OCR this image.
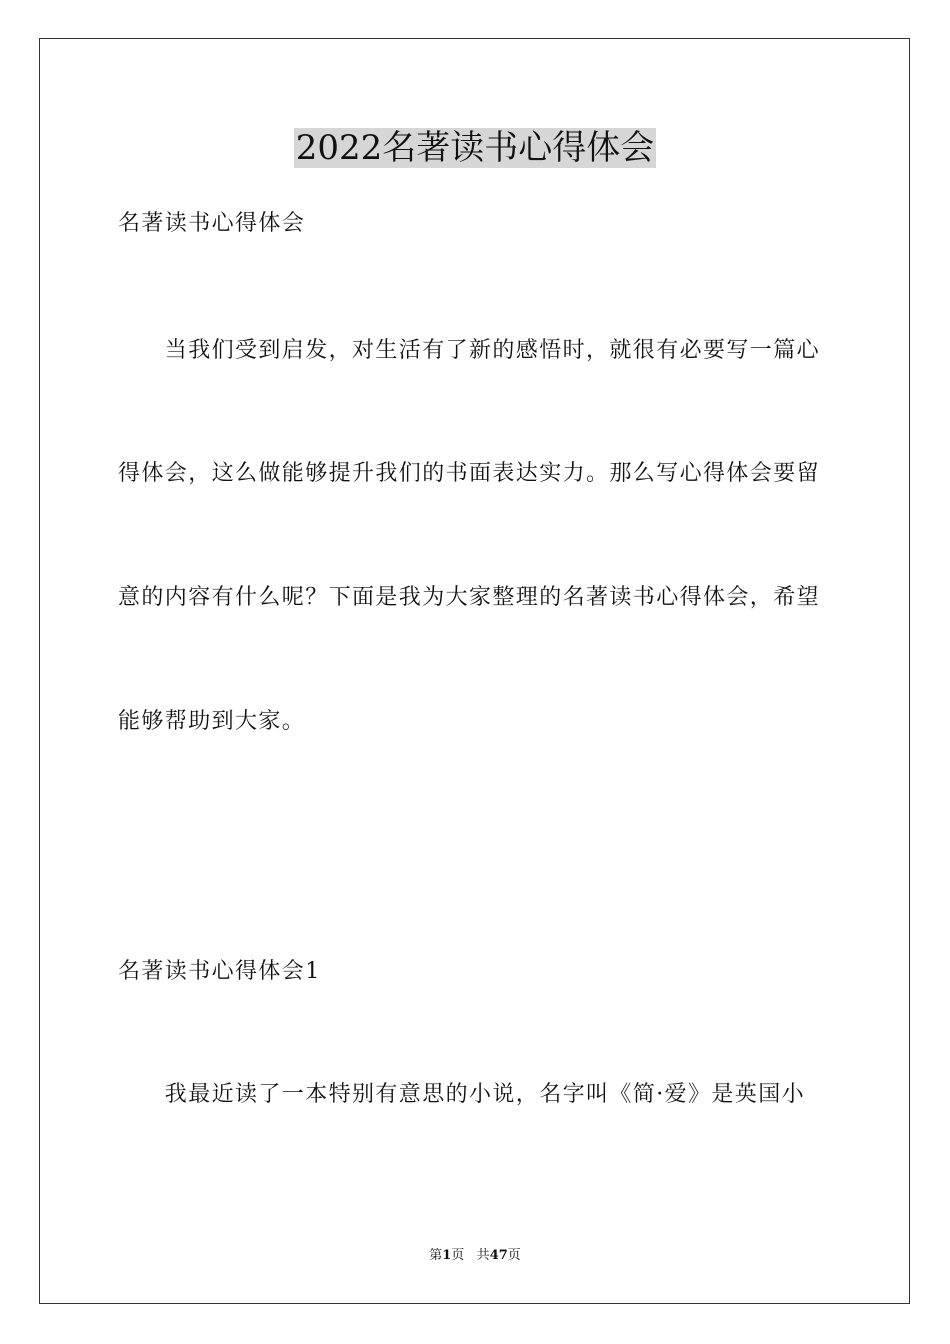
2022名著读书心得体会
名著读书心得体会
　　当我们受到启发，对生活有了新的感悟时，就很有必要写一篇心
得体会，这么做能够提升我们的书面表达实力。那么写心得体会要留
意的内容有什么呢？下面是我为大家整理的名著读书心得体会，希望
能够帮助到大家。
名著读书心得体会1
　　我最近读了一本特别有意思的小说，名字叫《简·爱》是英国小
第1页 共47页
